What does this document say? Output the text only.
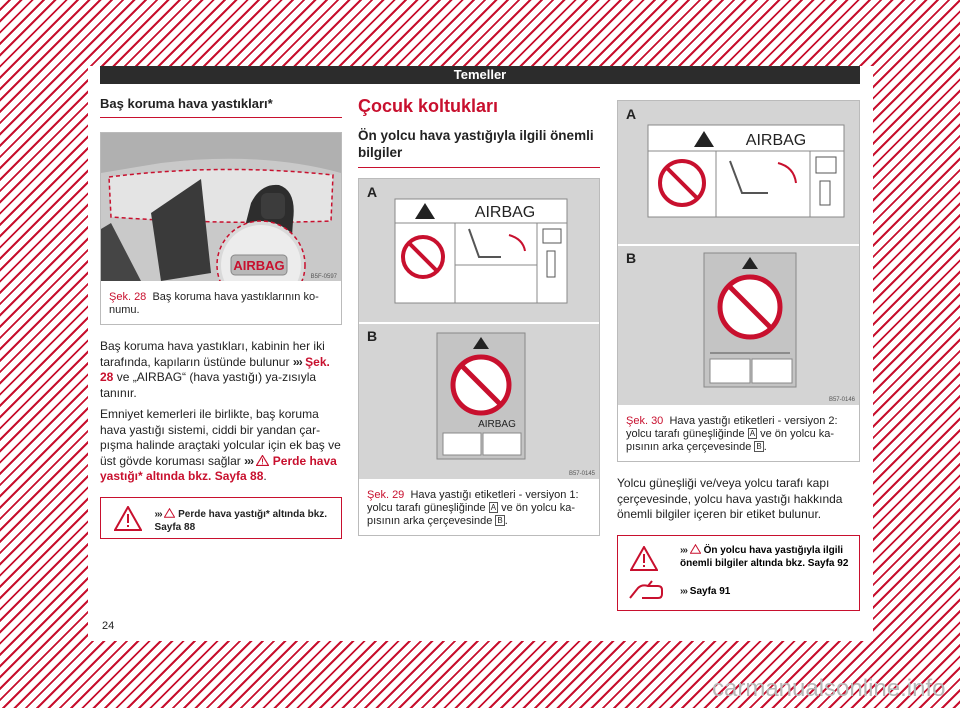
Temeller
Baş koruma hava yastıkları*
AIRBAG
B5F-0597
Şek. 28 Baş koruma hava yastıklarının ko-numu.

Baş koruma hava yastıkları, kabinin her iki tarafında, kapıların üstünde bulunur ››› Şek. 28 ve „AIRBAG“ (hava yastığı) ya-zısıyla tanınır.

Emniyet kemerleri ile birlikte, baş koruma hava yastığı sistemi, ciddi bir yandan çar-pışma halinde araçtaki yolcular için ek baş ve üst gövde koruması sağlar ››› Perde hava yastığı* altında bkz. Sayfa 88.

››› Perde hava yastığı* altında bkz. Sayfa 88
Çocuk koltukları
Ön yolcu hava yastığıyla ilgili önemli bilgiler
A
B
AIRBAG
AIRBAG
B57-0145
Şek. 29 Hava yastığı etiketleri - versiyon 1: yolcu tarafı güneşliğinde A ve ön yolcu ka-pısının arka çerçevesinde B .
A
B
AIRBAG
B57-0146
Şek. 30 Hava yastığı etiketleri - versiyon 2: yolcu tarafı güneşliğinde A ve ön yolcu ka-pısının arka çerçevesinde B .

Yolcu güneşliği ve/veya yolcu tarafı kapı çerçevesinde, yolcu hava yastığı hakkında önemli bilgiler içeren bir etiket bulunur.

››› Ön yolcu hava yastığıyla ilgili önemli bilgiler altında bkz. Sayfa 92
››› Sayfa 91
24
carmanualsonline.info
